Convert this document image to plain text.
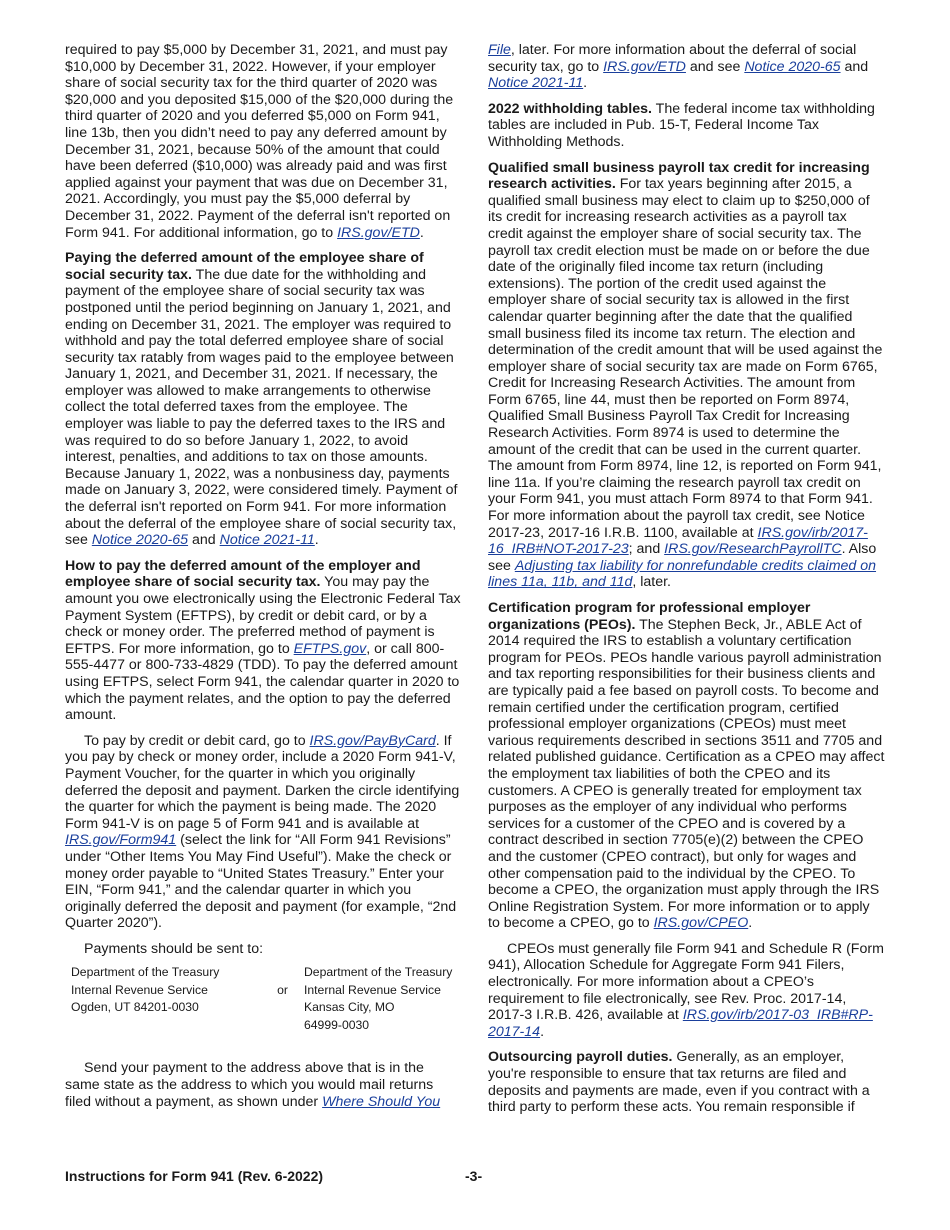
required to pay $5,000 by December 31, 2021, and must pay $10,000 by December 31, 2022. However, if your employer share of social security tax for the third quarter of 2020 was $20,000 and you deposited $15,000 of the $20,000 during the third quarter of 2020 and you deferred $5,000 on Form 941, line 13b, then you didn’t need to pay any deferred amount by December 31, 2021, because 50% of the amount that could have been deferred ($10,000) was already paid and was first applied against your payment that was due on December 31, 2021. Accordingly, you must pay the $5,000 deferral by December 31, 2022. Payment of the deferral isn't reported on Form 941. For additional information, go to IRS.gov/ETD.

Paying the deferred amount of the employee share of social security tax. The due date for the withholding and payment of the employee share of social security tax was postponed until the period beginning on January 1, 2021, and ending on December 31, 2021. The employer was required to withhold and pay the total deferred employee share of social security tax ratably from wages paid to the employee between January 1, 2021, and December 31, 2021. If necessary, the employer was allowed to make arrangements to otherwise collect the total deferred taxes from the employee. The employer was liable to pay the deferred taxes to the IRS and was required to do so before January 1, 2022, to avoid interest, penalties, and additions to tax on those amounts. Because January 1, 2022, was a nonbusiness day, payments made on January 3, 2022, were considered timely. Payment of the deferral isn't reported on Form 941. For more information about the deferral of the employee share of social security tax, see Notice 2020-65 and Notice 2021-11.

How to pay the deferred amount of the employer and employee share of social security tax. You may pay the amount you owe electronically using the Electronic Federal Tax Payment System (EFTPS), by credit or debit card, or by a check or money order. The preferred method of payment is EFTPS. For more information, go to EFTPS.gov, or call 800-555-4477 or 800-733-4829 (TDD). To pay the deferred amount using EFTPS, select Form 941, the calendar quarter in 2020 to which the payment relates, and the option to pay the deferred amount.

To pay by credit or debit card, go to IRS.gov/PayByCard. If you pay by check or money order, include a 2020 Form 941-V, Payment Voucher, for the quarter in which you originally deferred the deposit and payment. Darken the circle identifying the quarter for which the payment is being made. The 2020 Form 941-V is on page 5 of Form 941 and is available at IRS.gov/Form941 (select the link for “All Form 941 Revisions” under “Other Items You May Find Useful”). Make the check or money order payable to “United States Treasury.” Enter your EIN, “Form 941,” and the calendar quarter in which you originally deferred the deposit and payment (for example, “2nd Quarter 2020”).

Payments should be sent to:

Department of the Treasury
Internal Revenue Service
Ogden, UT 84201-0030

or

Department of the Treasury
Internal Revenue Service
Kansas City, MO
64999-0030

Send your payment to the address above that is in the same state as the address to which you would mail returns filed without a payment, as shown under Where Should You

File, later. For more information about the deferral of social security tax, go to IRS.gov/ETD and see Notice 2020-65 and Notice 2021-11.

2022 withholding tables. The federal income tax withholding tables are included in Pub. 15-T, Federal Income Tax Withholding Methods.

Qualified small business payroll tax credit for increasing research activities. For tax years beginning after 2015, a qualified small business may elect to claim up to $250,000 of its credit for increasing research activities as a payroll tax credit against the employer share of social security tax. The payroll tax credit election must be made on or before the due date of the originally filed income tax return (including extensions). The portion of the credit used against the employer share of social security tax is allowed in the first calendar quarter beginning after the date that the qualified small business filed its income tax return. The election and determination of the credit amount that will be used against the employer share of social security tax are made on Form 6765, Credit for Increasing Research Activities. The amount from Form 6765, line 44, must then be reported on Form 8974, Qualified Small Business Payroll Tax Credit for Increasing Research Activities. Form 8974 is used to determine the amount of the credit that can be used in the current quarter. The amount from Form 8974, line 12, is reported on Form 941, line 11a. If you’re claiming the research payroll tax credit on your Form 941, you must attach Form 8974 to that Form 941. For more information about the payroll tax credit, see Notice 2017-23, 2017-16 I.R.B. 1100, available at IRS.gov/irb/2017-16_IRB#NOT-2017-23; and IRS.gov/ResearchPayrollTC. Also see Adjusting tax liability for nonrefundable credits claimed on lines 11a, 11b, and 11d, later.

Certification program for professional employer organizations (PEOs). The Stephen Beck, Jr., ABLE Act of 2014 required the IRS to establish a voluntary certification program for PEOs. PEOs handle various payroll administration and tax reporting responsibilities for their business clients and are typically paid a fee based on payroll costs. To become and remain certified under the certification program, certified professional employer organizations (CPEOs) must meet various requirements described in sections 3511 and 7705 and related published guidance. Certification as a CPEO may affect the employment tax liabilities of both the CPEO and its customers. A CPEO is generally treated for employment tax purposes as the employer of any individual who performs services for a customer of the CPEO and is covered by a contract described in section 7705(e)(2) between the CPEO and the customer (CPEO contract), but only for wages and other compensation paid to the individual by the CPEO. To become a CPEO, the organization must apply through the IRS Online Registration System. For more information or to apply to become a CPEO, go to IRS.gov/CPEO.

CPEOs must generally file Form 941 and Schedule R (Form 941), Allocation Schedule for Aggregate Form 941 Filers, electronically. For more information about a CPEO’s requirement to file electronically, see Rev. Proc. 2017-14, 2017-3 I.R.B. 426, available at IRS.gov/irb/2017-03_IRB#RP-2017-14.

Outsourcing payroll duties. Generally, as an employer, you're responsible to ensure that tax returns are filed and deposits and payments are made, even if you contract with a third party to perform these acts. You remain responsible if

Instructions for Form 941 (Rev. 6-2022)	-3-
